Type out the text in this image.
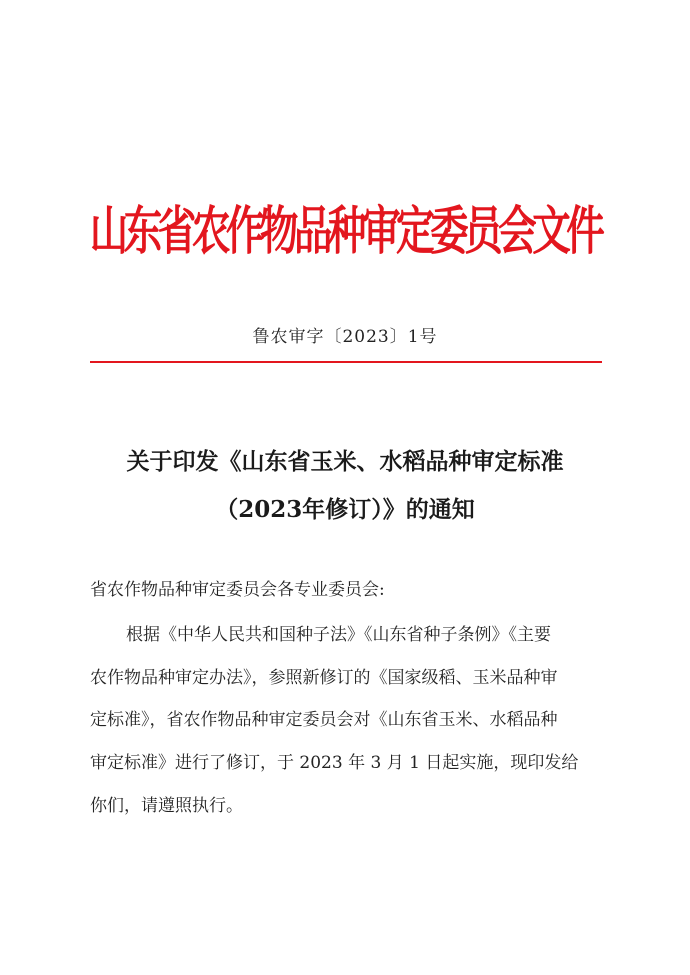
山东省农作物品种审定委员会文件
鲁农审字〔2023〕1号
关于印发《山东省玉米、水稻品种审定标准
（2023年修订）》的通知
省农作物品种审定委员会各专业委员会:
根据《中华人民共和国种子法》《山东省种子条例》《主要
农作物品种审定办法》，参照新修订的《国家级稻、玉米品种审
定标准》，省农作物品种审定委员会对《山东省玉米、水稻品种
审定标准》进行了修订，于 2023 年 3 月 1 日起实施，现印发给
你们，请遵照执行。
